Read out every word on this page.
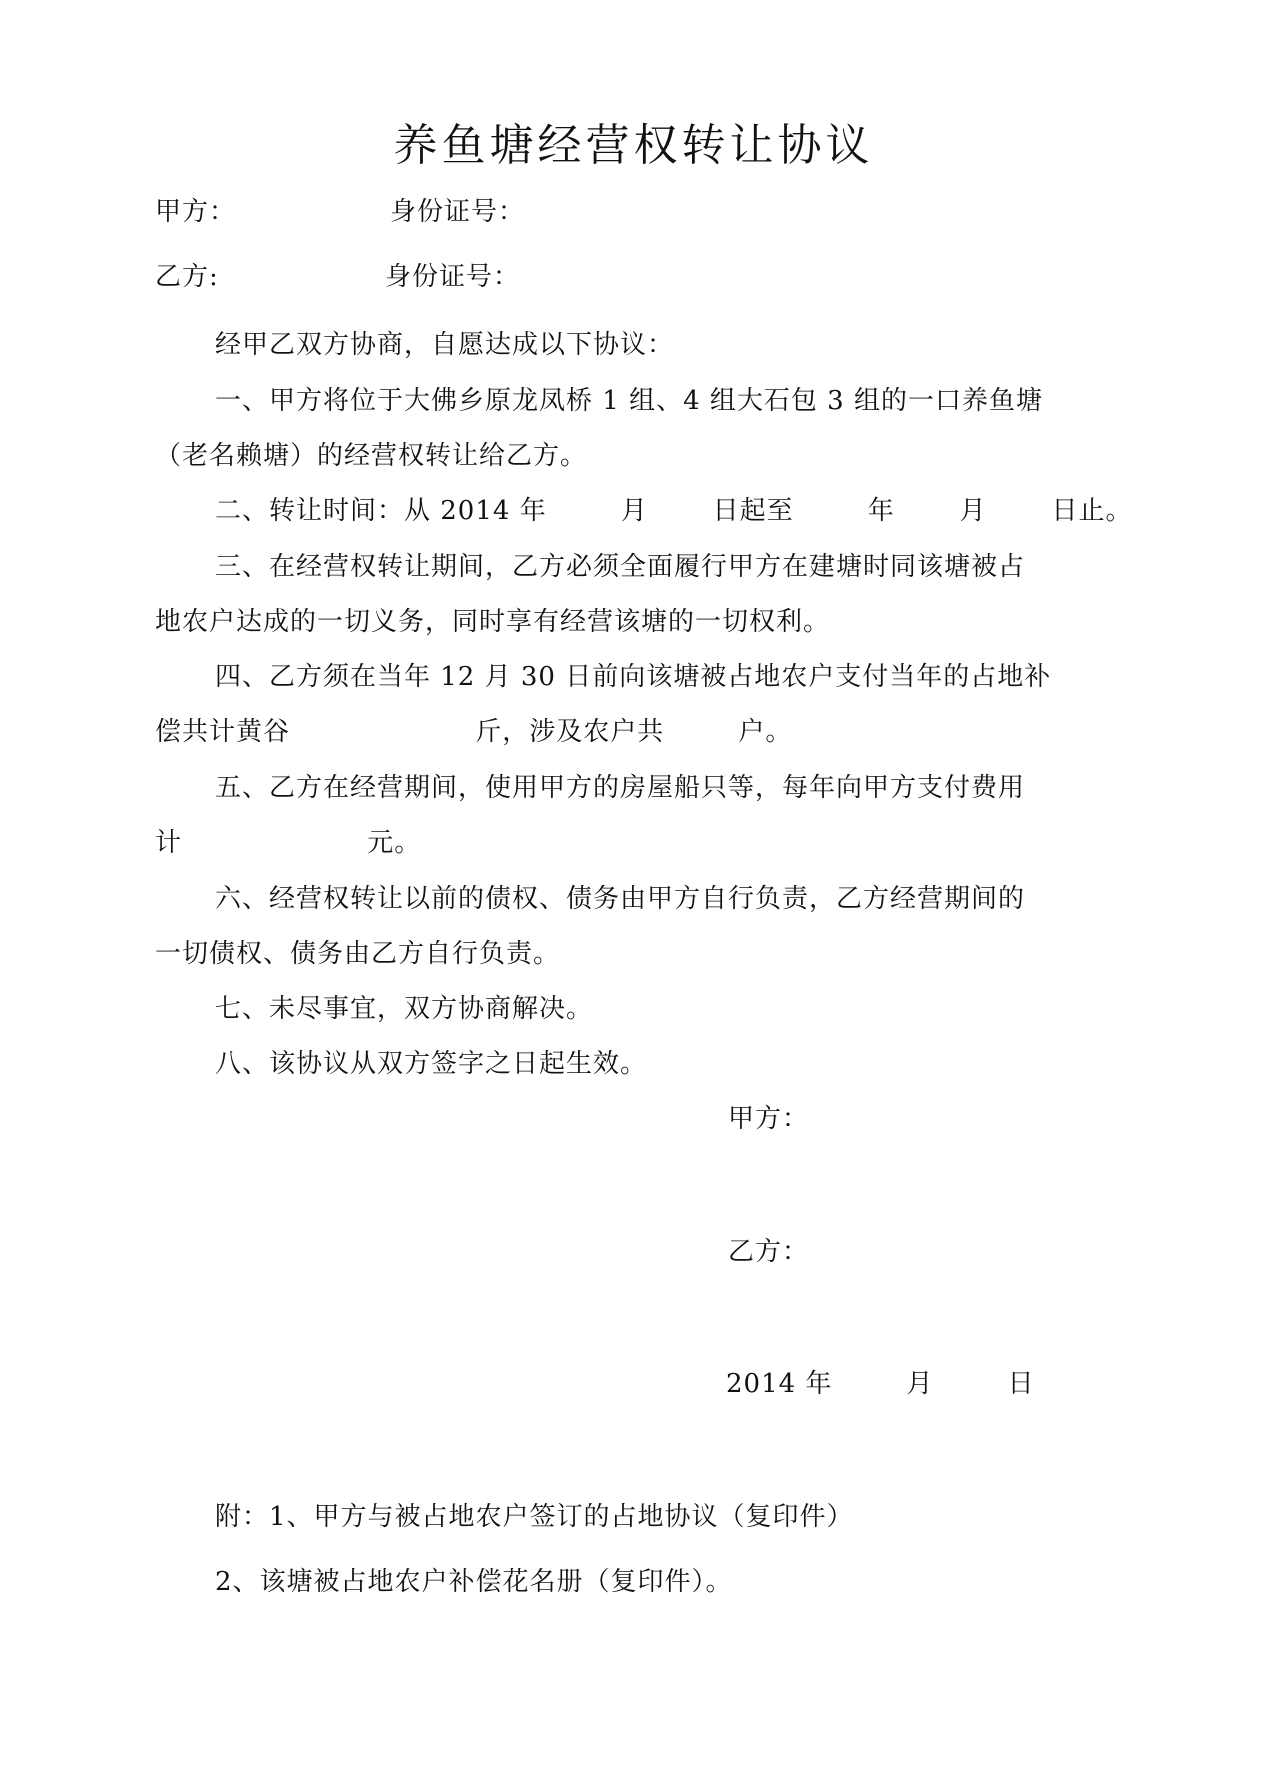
养鱼塘经营权转让协议
甲方：	身份证号：
乙方:	身份证号：
经甲乙双方协商，自愿达成以下协议：
一、甲方将位于大佛乡原龙凤桥 1 组、4 组大石包 3 组的一口养鱼塘
（老名赖塘）的经营权转让给乙方。
二、转让时间：从 2014 年        月       日起至        年       月       日止。
三、在经营权转让期间，乙方必须全面履行甲方在建塘时同该塘被占
地农户达成的一切义务，同时享有经营该塘的一切权利。
四、乙方须在当年 12 月 30 日前向该塘被占地农户支付当年的占地补
偿共计黄谷                    斤，涉及农户共        户。
五、乙方在经营期间，使用甲方的房屋船只等，每年向甲方支付费用
计                    元。
六、经营权转让以前的债权、债务由甲方自行负责，乙方经营期间的
一切债权、债务由乙方自行负责。
七、未尽事宜，双方协商解决。
八、该协议从双方签字之日起生效。
甲方：
乙方：
2014 年        月        日
附：1、甲方与被占地农户签订的占地协议（复印件）
2、该塘被占地农户补偿花名册（复印件）。
